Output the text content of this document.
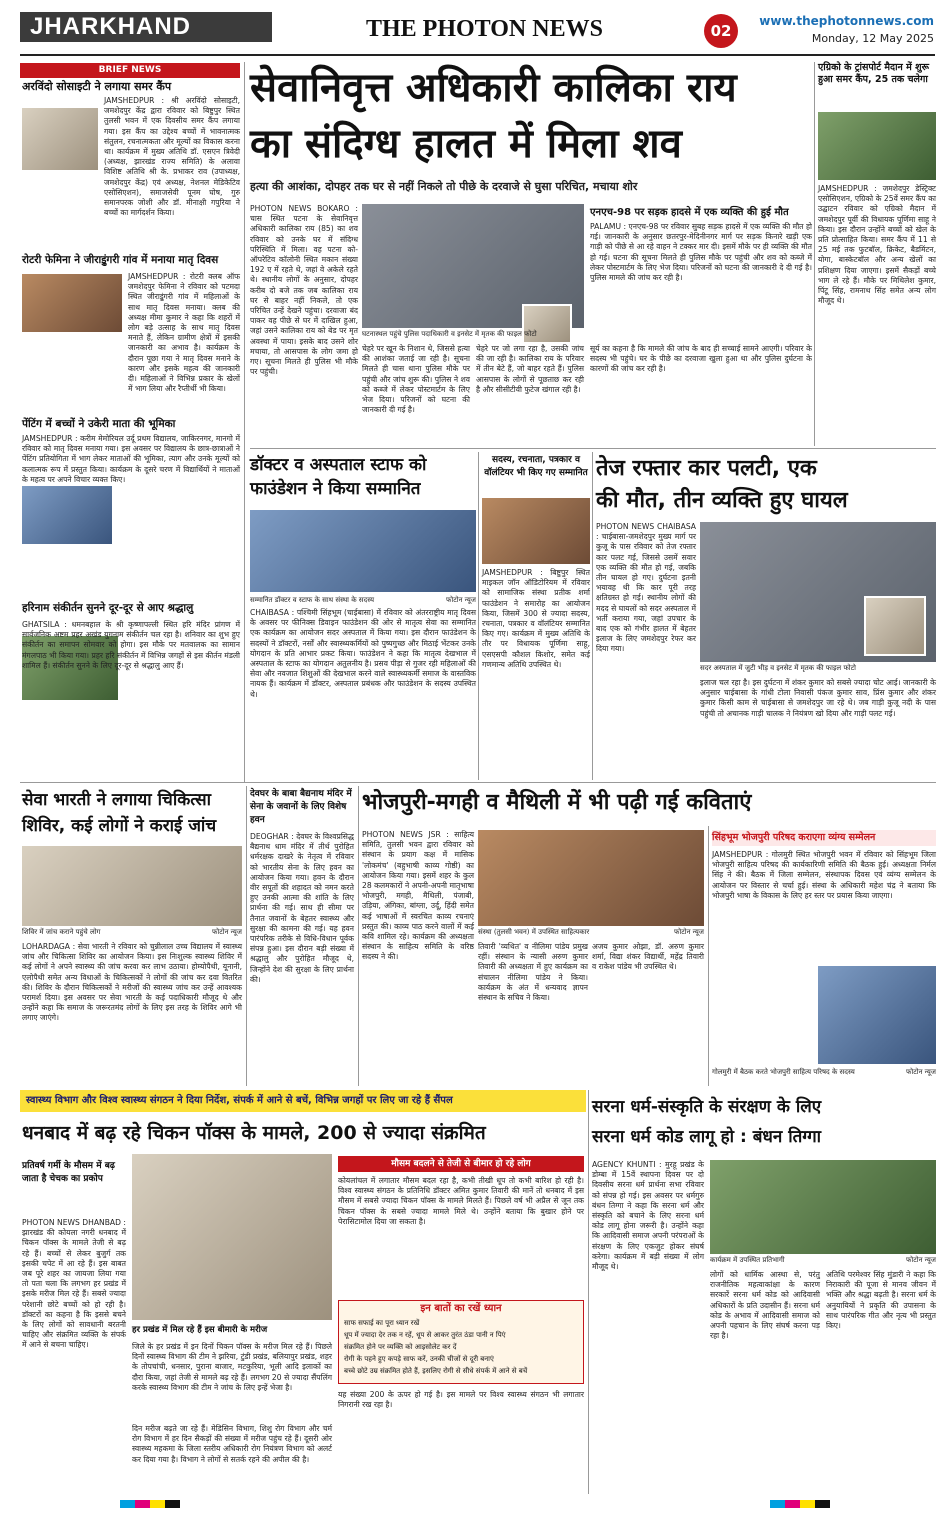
JHARKHAND	THE PHOTON NEWS	02
www.thephotonnews.com
Monday, 12 May 2025
BRIEF NEWS
अरविंदो सोसाइटी ने लगाया समर कैंप
JAMSHEDPUR : श्री अरविंदो सोसाइटी, जमशेदपुर केंद्र द्वारा रविवार को बिष्टुपुर स्थित तुलसी भवन में एक दिवसीय समर कैंप लगाया गया। इस कैंप का उद्देश्य बच्चों में भावनात्मक संतुलन, रचनात्मकता और मूल्यों का विकास करना था। कार्यक्रम में मुख्य अतिथि डॉ. एसएन त्रिवेदी (अध्यक्ष, झारखंड राज्य समिति) के अलावा विशिष्ट अतिथि श्री के. प्रभाकर राव (उपाध्यक्ष, जमशेदपुर केंद्र) एवं अध्यक्ष, नेशनल मेडिकेटिव एसोसिएशन), समाजसेवी पूनम घोष, गुरु समानपरक जोशी और डॉ. मीनाक्षी गपुरिया ने बच्चों का मार्गदर्शन किया।
रोटरी फेमिना ने जीराइुंगरी गांव में मनाया मातृ दिवस
JAMSHEDPUR : रोटरी क्लब ऑफ जमशेदपुर फेमिना ने रविवार को पटमदा स्थित जीराइुंगरी गांव में महिलाओं के साथ मातृ दिवस मनाया। क्लब की अध्यक्ष मीमा कुमार ने कहा कि शहरों में लोग बड़े उत्साह के साथ मातृ दिवस मनाते हैं, लेकिन ग्रामीण क्षेत्रों में इसकी जानकारी का अभाव है। कार्यक्रम के दौरान पूछा गया ने मातृ दिवस मनाने के कारण और इसके महत्व की जानकारी दी। महिलाओं ने विभिन्न प्रकार के खेलों में भाग लिया और रैप्तीर्थी भी किया।
पेंटिंग में बच्चों ने उकेरी माता की भूमिका
JAMSHEDPUR : करीम मेमोरियल उर्दू प्रथम विद्यालय, जाकिरनगर, मानगो में रविवार को मातृ दिवस मनाया गया। इस अवसर पर विद्यालय के छात्र-छात्राओं ने पेंटिंग प्रतियोगिता में भाग लेकर माताओं की भूमिका, त्याग और उनके मूल्यों को कलात्मक रूप में प्रस्तुत किया। कार्यक्रम के दूसरे चरण में विद्यार्थियों ने माताओं के महत्व पर अपने विचार व्यक्त किए।
हरिनाम संकीर्तन सुनने दूर-दूर से आए श्रद्धालु
GHATSILA : धमनबहाल के श्री कृष्णापल्ली स्थित हरि मंदिर प्रांगण में सार्वजनिक अष्टम प्रहर अखंड युगनाम संकीर्तन चल रहा है। शनिवार का शुभ हुए संकीर्तन का समापन सोमवार को होगा। इस मौके पर मतवालक का सामान मंगलपाठ भी किया गया। प्रहर हरि संकीर्तन में विभिन्न जगहों से इस कीर्तन मंडली शामिल हैं। संकीर्तन सुनने के लिए दूर-दूर से श्रद्धालु आए हैं।
सेवानिवृत्त अधिकारी कालिका राय
का संदिग्ध हालत में मिला शव
हत्या की आशंका, दोपहर तक घर से नहीं निकले तो पीछे के दरवाजे से घुसा परिचित, मचाया शोर
PHOTON NEWS BOKARO : चास स्थित पटना के सेवानिवृत्त अधिकारी कालिका राय (85) का शव रविवार को उनके घर में संदिग्ध परिस्थिति में मिला। वह पटना को-ऑपरेटिव कॉलोनी स्थित मकान संख्या 192 ए में रहते थे, जहां वे अकेले रहते थे। स्थानीय लोगों के अनुसार, दोपहर करीब दो बजे तक जब कालिका राय घर से बाहर नहीं निकले, तो एक परिचित उन्हें देखने पहुंचा। दरवाजा बंद पाकर वह पीछे से घर में दाखिल हुआ, जहां उसने कालिका राय को बेड पर मृत अवस्था में पाया। इसके बाद उसने शोर मचाया, तो आसपास के लोग जमा हो गए। सूचना मिलते ही पुलिस भी मौके पर पहुंची।
घटनास्थल पहुंचे पुलिस पदाधिकारी व इनसेट में मृतक की फाइल फोटो
चेहरे पर खून के निशान थे, जिससे हत्या की आशंका जताई जा रही है। सूचना मिलते ही चास थाना पुलिस मौके पर पहुंची और जांच शुरू की। पुलिस ने शव को कब्जे में लेकर पोस्टमार्टम के लिए भेज दिया। परिजनों को घटना की जानकारी दी गई है।
चेहरे पर जो लगा रहा है, उसकी जांच की जा रही है। कालिका राय के परिवार में तीन बेटे हैं, जो बाहर रहते हैं। पुलिस आसपास के लोगों से पूछताछ कर रही है और सीसीटीवी फुटेज खंगाल रही है।
एनएच-98 पर सड़क हादसे में एक व्यक्ति की हुई मौत
PALAMU : एनएच-98 पर रविवार सुबह सड़क हादसे में एक व्यक्ति की मौत हो गई। जानकारी के अनुसार छतरपुर-मेदिनीनगर मार्ग पर सड़क किनारे खड़ी एक गाड़ी को पीछे से आ रहे वाहन ने टक्कर मार दी। इसमें मौके पर ही व्यक्ति की मौत हो गई। घटना की सूचना मिलते ही पुलिस मौके पर पहुंची और शव को कब्जे में लेकर पोस्टमार्टम के लिए भेज दिया। परिजनों को घटना की जानकारी दे दी गई है। पुलिस मामले की जांच कर रही है।
सूर्य का कहना है कि मामले की जांच के बाद ही सच्चाई सामने आएगी। परिवार के सदस्य भी पहुंचे। घर के पीछे का दरवाजा खुला हुआ था और पुलिस दुर्घटना के कारणों की जांच कर रही है।
एग्रिको के ट्रांसपोर्ट मैदान में शुरू हुआ समर कैंप, 25 तक चलेगा
JAMSHEDPUR : जमशेदपुर डेस्ट्रिक्ट एसोसिएशन, एग्रिको के 25वें समर कैंप का उद्घाटन रविवार को एग्रिको मैदान में जमशेदपुर पूर्वी की विधायक पूर्णिमा साहू ने किया। इस दौरान उन्होंने बच्चों को खेल के प्रति प्रोत्साहित किया। समर कैंप में 11 से 25 मई तक फुटबॉल, क्रिकेट, बैडमिंटन, योगा, बास्केटबॉल और अन्य खेलों का प्रशिक्षण दिया जाएगा। इसमें सैकड़ों बच्चे भाग ले रहे हैं। मौके पर मिथिलेश कुमार, पिंटू सिंह, रामनाथ सिंह समेत अन्य लोग मौजूद थे।
डॉक्टर व अस्पताल स्टाफ को
फाउंडेशन ने किया सम्मानित
सम्मानित डॉक्टर व स्टाफ के साथ संस्था के सदस्य	फोटोन न्यूज
सदस्य, रचनाता, पत्रकार व वॉलंटियर भी किए गए सम्मानित
JAMSHEDPUR : बिष्टुपुर स्थित माइकल जॉन ऑडिटोरियम में रविवार को सामाजिक संस्था प्रतीक शर्मा फाउंडेशन ने समारोह का आयोजन किया, जिसमें 300 से ज्यादा सदस्य, रचनाता, पत्रकार व वॉलंटियर सम्मानित किए गए। कार्यक्रम में मुख्य अतिथि के तौर पर विधायक पूर्णिमा साहू, एसएसपी कौशल किशोर, समेत कई गणमान्य अतिथि उपस्थित थे।
CHAIBASA : पश्चिमी सिंहभूम (चाईबासा) में रविवार को अंतरराष्ट्रीय मातृ दिवस के अवसर पर फीनिक्स डिवाइन फाउंडेशन की ओर से मातृत्व सेवा का सम्मानित एक कार्यक्रम का आयोजन सदर अस्पताल में किया गया। इस दौरान फाउंडेशन के सदस्यों ने डॉक्टरों, नर्सों और स्वास्थ्यकर्मियों को पुष्पगुच्छ और मिठाई भेंटकर उनके योगदान के प्रति आभार प्रकट किया। फाउंडेशन ने कहा कि मातृत्व देखभाल में अस्पताल के स्टाफ का योगदान अतुलनीय है। प्रसव पीड़ा से गुजर रही महिलाओं की सेवा और नवजात शिशुओं की देखभाल करने वाले स्वास्थ्यकर्मी समाज के वास्तविक नायक हैं। कार्यक्रम में डॉक्टर, अस्पताल प्रबंधक और फाउंडेशन के सदस्य उपस्थित थे।
तेज रफ्तार कार पलटी, एक
की मौत, तीन व्यक्ति हुए घायल
PHOTON NEWS CHAIBASA : चाईबासा-जमशेदपुर मुख्य मार्ग पर कुजू के पास रविवार को तेज रफ्तार कार पलट गई, जिससे उसमें सवार एक व्यक्ति की मौत हो गई, जबकि तीन घायल हो गए। दुर्घटना इतनी भयावह थी कि कार पूरी तरह क्षतिग्रस्त हो गई। स्थानीय लोगों की मदद से घायलों को सदर अस्पताल में भर्ती कराया गया, जहां उपचार के बाद एक को गंभीर हालत में बेहतर इलाज के लिए जमशेदपुर रेफर कर दिया गया।
सदर अस्पताल में जुटी भीड़ व इनसेट में मृतक की फाइल फोटो
इलाज चल रहा है। इस दुर्घटना में शंकर कुमार को सबसे ज्यादा चोट आई। जानकारी के अनुसार चाईबासा के गांधी टोला निवासी पंकज कुमार साव, प्रिंस कुमार और शंकर कुमार किसी काम से चाईबासा से जमशेदपुर जा रहे थे। जब गाड़ी कुजू नदी के पास पहुंची तो अचानक गाड़ी चालक ने नियंत्रण खो दिया और गाड़ी पलट गई।
सेवा भारती ने लगाया चिकित्सा
शिविर, कई लोगों ने कराई जांच
शिविर में जांच कराने पहुंचे लोग	फोटोन न्यूज
LOHARDAGA : सेवा भारती ने रविवार को चुन्नीलाल उच्च विद्यालय में स्वास्थ्य जांच और चिकित्सा शिविर का आयोजन किया। इस निःशुल्क स्वास्थ्य शिविर में कई लोगों ने अपने स्वास्थ्य की जांच करवा कर लाभ उठाया। होम्योपैथी, यूनानी, एलोपैथी समेत अन्य विधाओं के चिकित्सकों ने लोगों की जांच कर दवा वितरित की। शिविर के दौरान चिकित्सकों ने मरीजों की स्वास्थ्य जांच कर उन्हें आवश्यक परामर्श दिया। इस अवसर पर सेवा भारती के कई पदाधिकारी मौजूद थे और उन्होंने कहा कि समाज के जरूरतमंद लोगों के लिए इस तरह के शिविर आगे भी लगाए जाएंगे।
देवघर के बाबा बैद्यनाथ मंदिर में सेना के जवानों के लिए विशेष हवन
DEOGHAR : देवघर के विश्वप्रसिद्ध बैद्यनाथ धाम मंदिर में तीर्थ पुरोहित धर्मरक्षक दाखरे के नेतृत्व में रविवार को भारतीय सेना के लिए हवन का आयोजन किया गया। हवन के दौरान वीर सपूतों की शहादत को नमन करते हुए उनकी आत्मा की शांति के लिए प्रार्थना की गई। साथ ही सीमा पर तैनात जवानों के बेहतर स्वास्थ्य और सुरक्षा की कामना की गई। यह हवन पारंपरिक तरीके से विधि-विधान पूर्वक संपन्न हुआ। इस दौरान बड़ी संख्या में श्रद्धालु और पुरोहित मौजूद थे, जिन्होंने देश की सुरक्षा के लिए प्रार्थना की।
भोजपुरी-मगही व मैथिली में भी पढ़ी गई कविताएं
PHOTON NEWS JSR : साहित्य समिति, तुलसी भवन द्वारा रविवार को संस्थान के प्रयाग कक्ष में मासिक 'लोकमंच' (बहुभाषी काव्य गोष्ठी) का आयोजन किया गया। इसमें शहर के कुल 28 कलमकारों ने अपनी-अपनी मातृभाषा भोजपुरी, मगही, मैथिली, पंजाबी, उड़िया, अंगिका, बांग्ला, उर्दू, हिंदी समेत कई भाषाओं में स्वरचित काव्य रचनाएं प्रस्तुत की। काव्य पाठ करने वालों में कई कवि शामिल रहे। कार्यक्रम की अध्यक्षता संस्थान के साहित्य समिति के वरिष्ठ सदस्य ने की।
संस्था (तुलसी भवन) में उपस्थित साहित्यकार	फोटोन न्यूज
तिवारी 'व्यथित' व नीलिमा पांडेय प्रमुख रहीं। संस्थान के न्यासी अरुण कुमार तिवारी की अध्यक्षता में हुए कार्यक्रम का संचालन नीलिमा पांडेय ने किया। कार्यक्रम के अंत में धन्यवाद ज्ञापन संस्थान के सचिव ने किया।
अजय कुमार ओझा, डॉ. अरुण कुमार शर्मा, विद्या शंकर विद्यार्थी, महेंद्र तिवारी व राकेश पांडेय भी उपस्थित थे।
सिंहभूम भोजपुरी परिषद कराएगा व्यंग्य सम्मेलन
JAMSHEDPUR : गोलमुरी स्थित भोजपुरी भवन में रविवार को सिंहभूम जिला भोजपुरी साहित्य परिषद की कार्यकारिणी समिति की बैठक हुई। अध्यक्षता निर्मल सिंह ने की। बैठक में जिला सम्मेलन, संस्थापक दिवस एवं व्यंग्य सम्मेलन के आयोजन पर विस्तार से चर्चा हुई। संस्था के अधिकारी महेश चंद्र ने बताया कि भोजपुरी भाषा के विकास के लिए हर स्तर पर प्रयास किया जाएगा।
गोलमुरी में बैठक करते भोजपुरी साहित्य परिषद के सदस्य	फोटोन न्यूज
स्वास्थ्य विभाग और विश्व स्वास्थ्य संगठन ने दिया निर्देश, संपर्क में आने से बचें, विभिन्न जगहों पर लिए जा रहे हैं सैंपल
धनबाद में बढ़ रहे चिकन पॉक्स के मामले, 200 से ज्यादा संक्रमित
प्रतिवर्ष गर्मी के मौसम में बढ़ जाता है चेचक का प्रकोप
PHOTON NEWS DHANBAD : झारखंड की कोयला नगरी धनबाद में चिकन पॉक्स के मामले तेजी से बढ़ रहे हैं। बच्चों से लेकर बुजुर्ग तक इसकी चपेट में आ रहे हैं। इस बाबत जब पूरे शहर का जायजा लिया गया तो पता चला कि लगभग हर प्रखंड में इसके मरीज मिल रहे हैं। सबसे ज्यादा परेशानी छोटे बच्चों को हो रही है। डॉक्टरों का कहना है कि इससे बचने के लिए लोगों को सावधानी बरतनी चाहिए और संक्रमित व्यक्ति के संपर्क में आने से बचना चाहिए।
हर प्रखंड में मिल रहे हैं इस बीमारी के मरीज
मौसम बदलने से तेजी से बीमार हो रहे लोग
कोयलांचल में लगातार मौसम बदल रहा है, कभी तीखी धूप तो कभी बारिश हो रही है। विश्व स्वास्थ्य संगठन के प्रतिनिधि डॉक्टर अमित कुमार तिवारी की मानें तो धनबाद में इस मौसम में सबसे ज्यादा चिकन पॉक्स के मामले मिलते हैं। पिछले वर्ष भी अप्रैल से जून तक चिकन पॉक्स के सबसे ज्यादा मामले मिले थे। उन्होंने बताया कि बुखार होने पर पेरासिटामोल दिया जा सकता है।
इन बातों का रखें ध्यान
साफ सफाई का पूरा ध्यान रखें
धूप में ज्यादा देर तक न रहें, धूप से आकर तुरंत ठंडा पानी न पिएं
संक्रमित होने पर व्यक्ति को आइसोलेट कर दें
रोगी के पहने हुए कपड़े साफ करें, उनकी चीजों से दूरी बनाएं
बच्चे छोटे उम्र संक्रमित होते हैं, इसलिए रोगी से सीधे संपर्क में आने से बचें
जिले के हर प्रखंड में इन दिनों चिकन पॉक्स के मरीज मिल रहे हैं। पिछले दिनों स्वास्थ्य विभाग की टीम ने झरिया, टुंडी प्रखंड, बलियापुर प्रखंड, शहर के तोपचांची, धनसार, पुराना बाजार, मटकुरिया, भूली आदि इलाकों का दौरा किया, जहां तेजी से मामले बढ़ रहे हैं। लगभग 20 से ज्यादा सैंपलिंग करके स्वास्थ्य विभाग की टीम ने जांच के लिए इन्हें भेजा है।
दिन मरीज बढ़ते जा रहे हैं। मेडिसिन विभाग, शिशु रोग विभाग और चर्म रोग विभाग में हर दिन सैकड़ों की संख्या में मरीज पहुंच रहे हैं। दूसरी ओर स्वास्थ्य महकमा के जिला स्तरीय अधिकारी रोग नियंत्रण विभाग को अलर्ट कर दिया गया है। विभाग ने लोगों से सतर्क रहने की अपील की है।
यह संख्या 200 के ऊपर हो गई है। इस मामले पर विश्व स्वास्थ्य संगठन भी लगातार निगरानी रख रहा है।
सरना धर्म-संस्कृति के संरक्षण के लिए
सरना धर्म कोड लागू हो : बंधन तिग्गा
AGENCY KHUNTI : मुरहू प्रखंड के डोम्बा में 15वें स्थापना दिवस पर दो दिवसीय सरना धर्म प्रार्थना सभा रविवार को संपन्न हो गई। इस अवसर पर धर्मगुरु बंधन तिग्गा ने कहा कि सरना धर्म और संस्कृति को बचाने के लिए सरना धर्म कोड लागू होना जरूरी है। उन्होंने कहा कि आदिवासी समाज अपनी परंपराओं के संरक्षण के लिए एकजुट होकर संघर्ष करेगा। कार्यक्रम में बड़ी संख्या में लोग मौजूद थे।
कार्यक्रम में उपस्थित प्रतिभागी	फोटोन न्यूज
लोगों को धार्मिक आस्था से, परंतु राजनीतिक महत्वाकांक्षा के कारण सरकारें सरना धर्म कोड को आदिवासी अधिकारों के प्रति उदासीन हैं। सरना धर्म कोड के अभाव में आदिवासी समाज को अपनी पहचान के लिए संघर्ष करना पड़ रहा है।
अतिथि परमेश्वर सिंह मुंडारी ने कहा कि निराकारी की पूजा से मानव जीवन में भक्ति और श्रद्धा बढ़ती है। सरना धर्म के अनुयायियों ने प्रकृति की उपासना के साथ पारंपरिक गीत और नृत्य भी प्रस्तुत किए।
